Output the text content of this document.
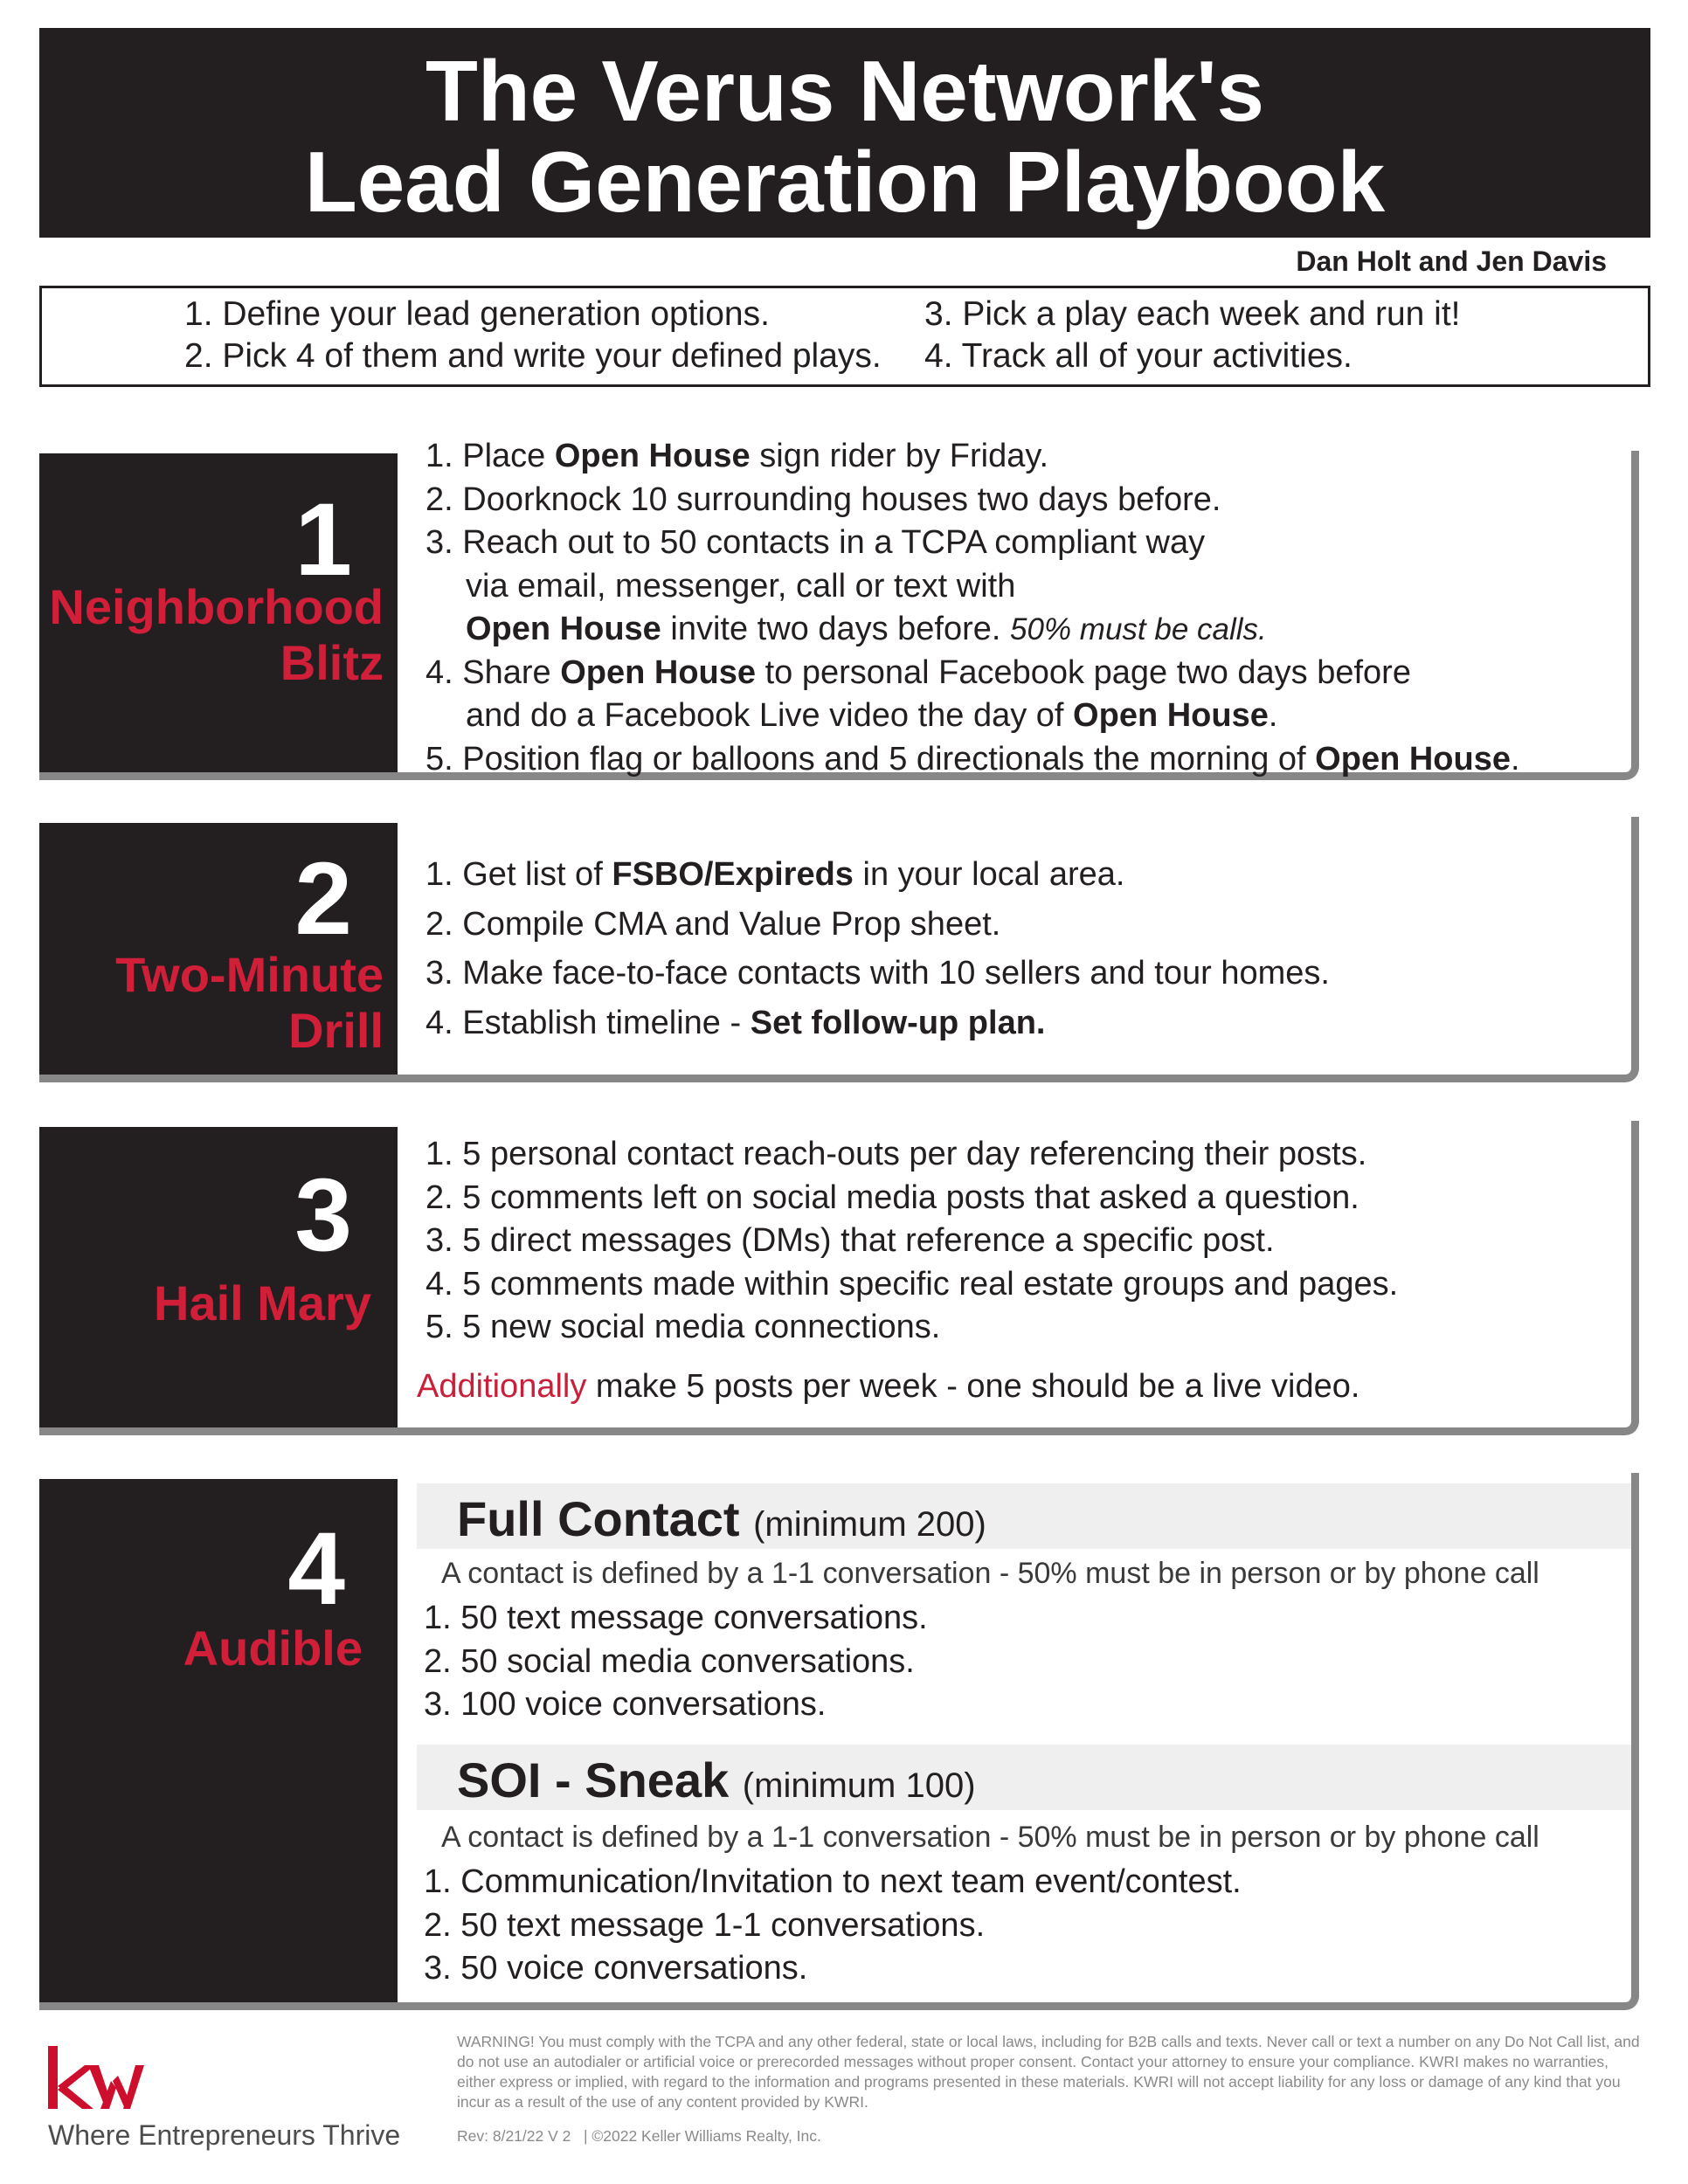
The Verus Network's
Lead Generation Playbook
Dan Holt and Jen Davis
1. Define your lead generation options.
2. Pick 4 of them and write your defined plays.
3. Pick a play each week and run it!
4. Track all of your activities.
1. Place Open House sign rider by Friday.
2. Doorknock 10 surrounding houses two days before.
3. Reach out to 50 contacts in a TCPA compliant way
via email, messenger, call or text with
Open House invite two days before. 50% must be calls.
4. Share Open House to personal Facebook page two days before
and do a Facebook Live video the day of Open House.
5. Position flag or balloons and 5 directionals the morning of Open House.
1
Neighborhood
Blitz
1. Get list of FSBO/Expireds in your local area.
2. Compile CMA and Value Prop sheet.
3. Make face-to-face contacts with 10 sellers and tour homes.
4. Establish timeline - Set follow-up plan.
2
Two-Minute
Drill
1. 5 personal contact reach-outs per day referencing their posts.
2. 5 comments left on social media posts that asked a question.
3. 5 direct messages (DMs) that reference a specific post.
4. 5 comments made within specific real estate groups and pages.
5. 5 new social media connections.
Additionally make 5 posts per week - one should be a live video.
3
Hail Mary
Full Contact (minimum 200)
A contact is defined by a 1-1 conversation - 50% must be in person or by phone call
1. 50 text message conversations.
2. 50 social media conversations.
3. 100 voice conversations.
SOI - Sneak (minimum 100)
A contact is defined by a 1-1 conversation - 50% must be in person or by phone call
1. Communication/Invitation to next team event/contest.
2. 50 text message 1-1 conversations.
3. 50 voice conversations.
4
Audible
Where Entrepreneurs Thrive
WARNING! You must comply with the TCPA and any other federal, state or local laws, including for B2B calls and texts. Never call or text a number on any Do Not Call list, and do not use an autodialer or artificial voice or prerecorded messages without proper consent. Contact your attorney to ensure your compliance. KWRI makes no warranties, either express or implied, with regard to the information and programs presented in these materials. KWRI will not accept liability for any loss or damage of any kind that you incur as a result of the use of any content provided by KWRI.
Rev: 8/21/22 V 2   | ©2022 Keller Williams Realty, Inc.
